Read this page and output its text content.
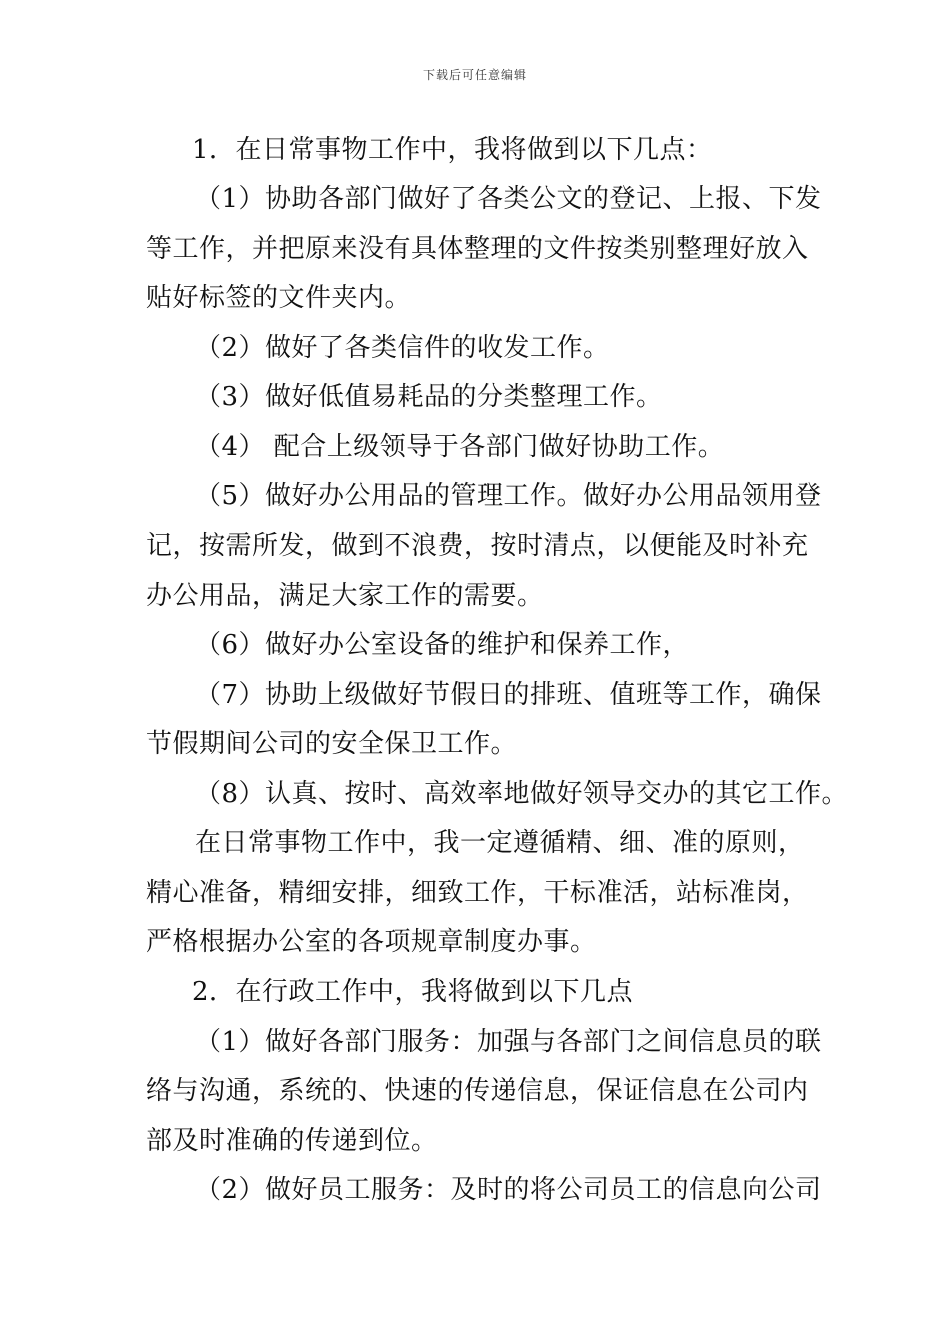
下载后可任意编辑
1．在日常事物工作中，我将做到以下几点：
（1）协助各部门做好了各类公文的登记、上报、下发
等工作，并把原来没有具体整理的文件按类别整理好放入
贴好标签的文件夹内。
（2）做好了各类信件的收发工作。
（3）做好低值易耗品的分类整理工作。
（4） 配合上级领导于各部门做好协助工作。
（5）做好办公用品的管理工作。做好办公用品领用登
记，按需所发，做到不浪费，按时清点，以便能及时补充
办公用品，满足大家工作的需要。
（6）做好办公室设备的维护和保养工作，
（7）协助上级做好节假日的排班、值班等工作，确保
节假期间公司的安全保卫工作。
（8）认真、按时、高效率地做好领导交办的其它工作。
在日常事物工作中，我一定遵循精、细、准的原则，
精心准备，精细安排，细致工作，干标准活，站标准岗，
严格根据办公室的各项规章制度办事。
2．在行政工作中，我将做到以下几点
（1）做好各部门服务：加强与各部门之间信息员的联
络与沟通，系统的、快速的传递信息，保证信息在公司内
部及时准确的传递到位。
（2）做好员工服务：及时的将公司员工的信息向公司
